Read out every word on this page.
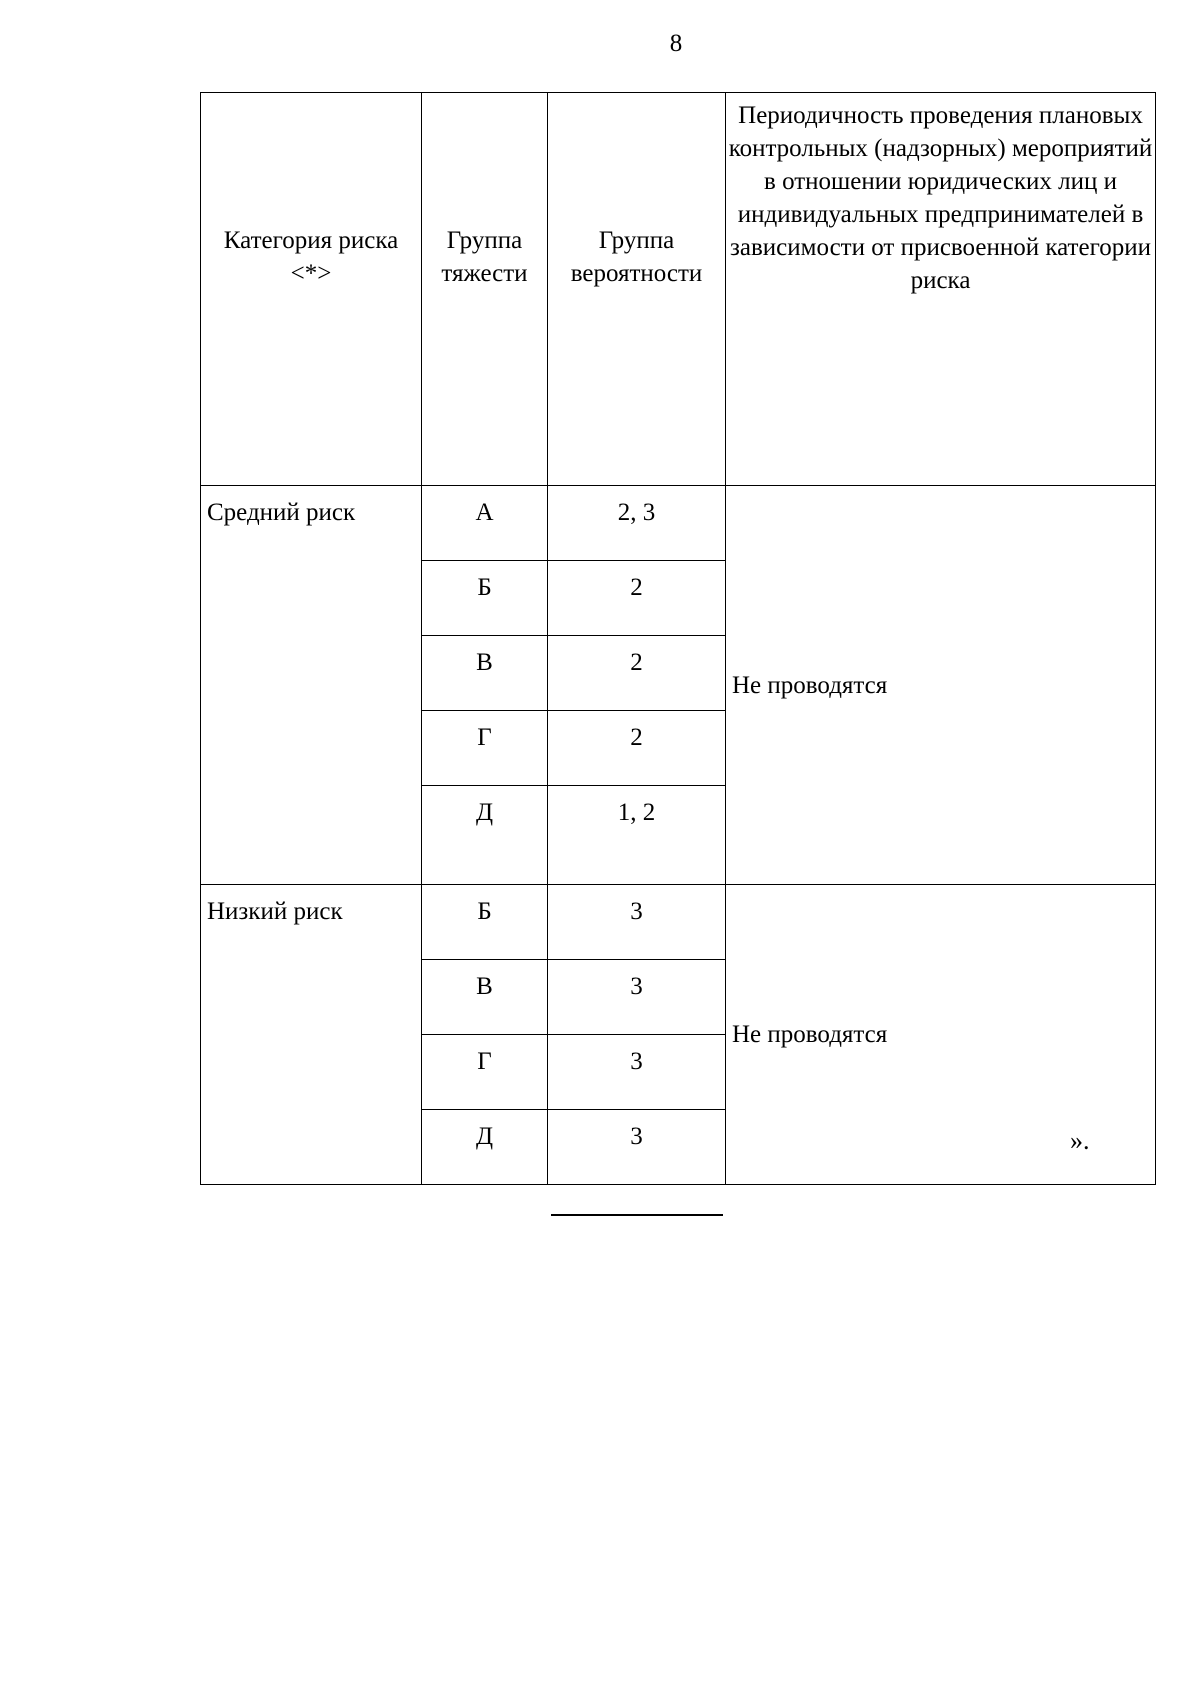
8
Категория риска <*>	Группа тяжести	Группа вероятности	Периодичность проведения плановых контрольных (надзорных) мероприятий в отношении юридических лиц и индивидуальных предпринимателей в зависимости от присвоенной категории риска
Средний риск	А	2, 3	Не проводятся
	Б	2	
	В	2	
	Г	2	
	Д	1, 2	
Низкий риск	Б	3	Не проводятся
	В	3	
	Г	3	
	Д	3		».
